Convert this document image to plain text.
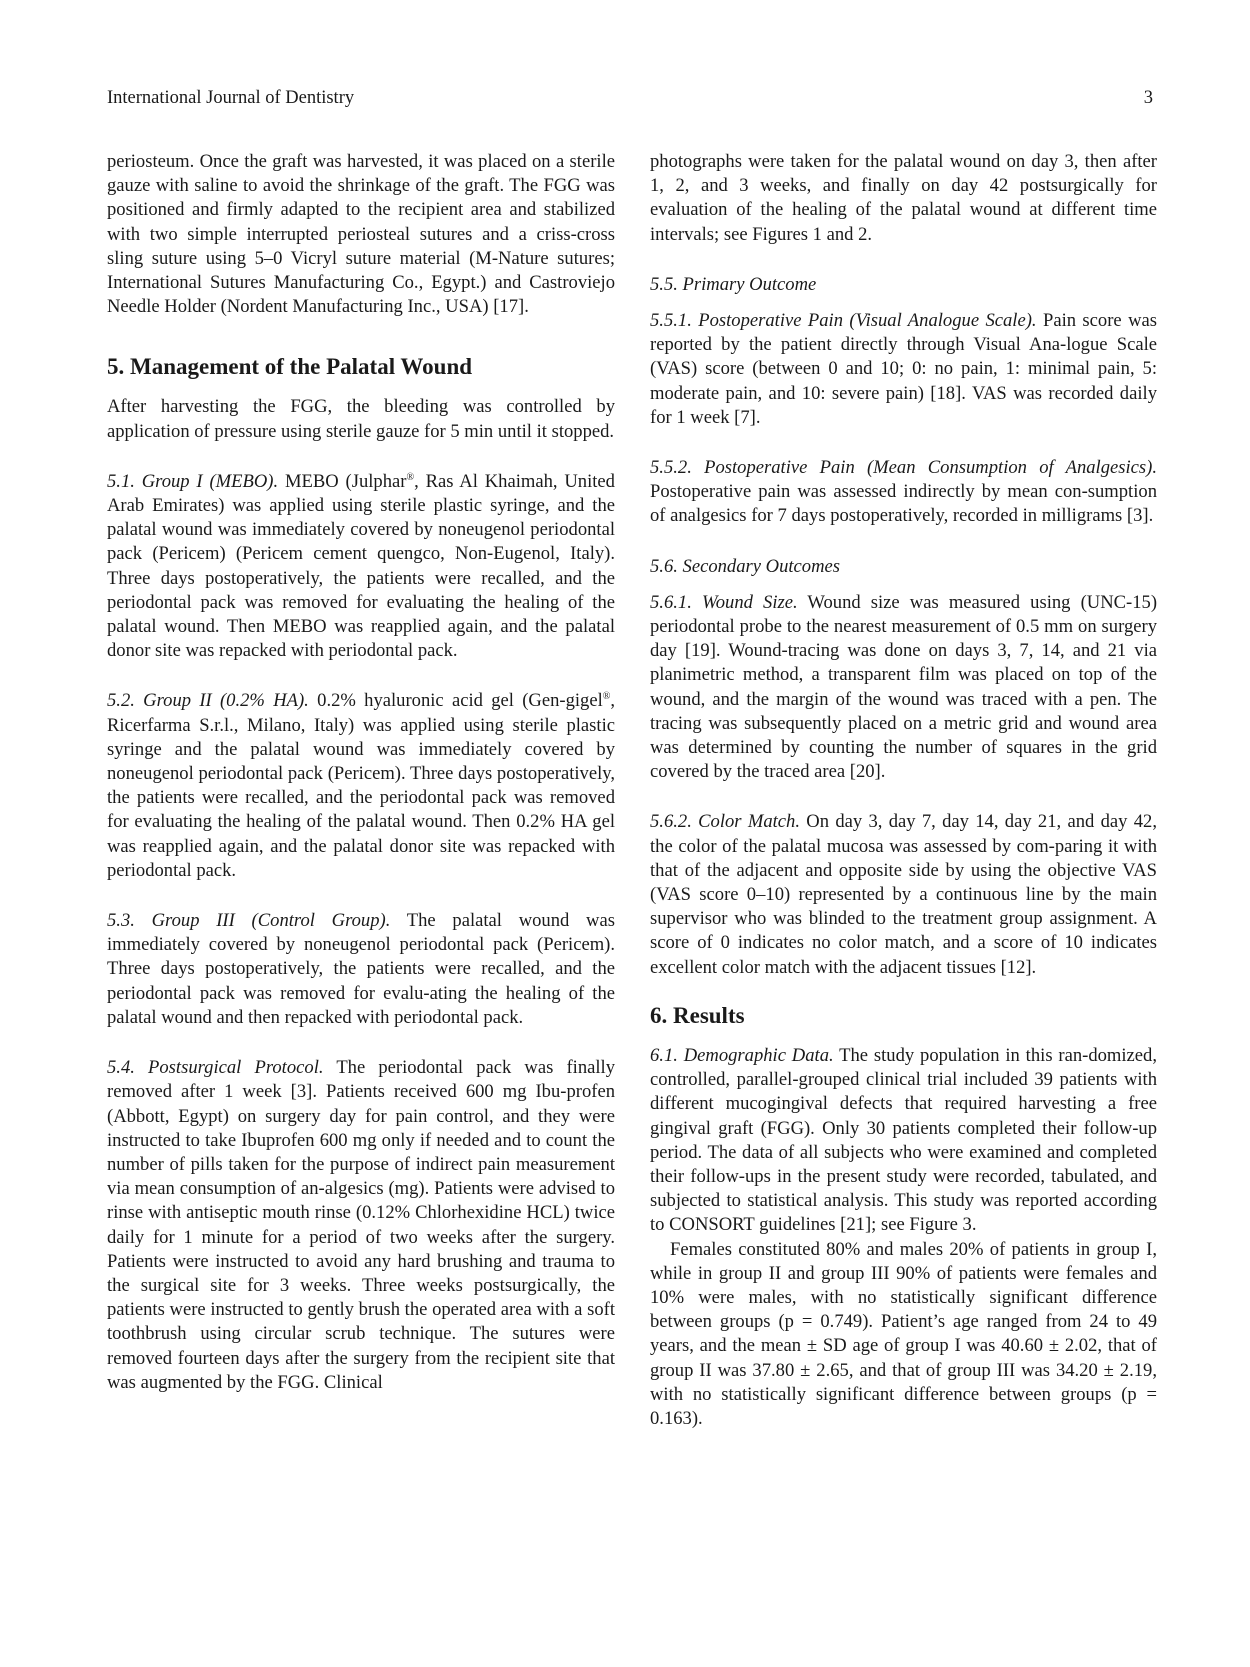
International Journal of Dentistry	3

periosteum. Once the graft was harvested, it was placed on a sterile gauze with saline to avoid the shrinkage of the graft. The FGG was positioned and firmly adapted to the recipient area and stabilized with two simple interrupted periosteal sutures and a criss-cross sling suture using 5–0 Vicryl suture material (M-Nature sutures; International Sutures Manufacturing Co., Egypt.) and Castroviejo Needle Holder (Nordent Manufacturing Inc., USA) [17].

5. Management of the Palatal Wound

After harvesting the FGG, the bleeding was controlled by application of pressure using sterile gauze for 5 min until it stopped.

5.1. Group I (MEBO). MEBO (Julphar®, Ras Al Khaimah, United Arab Emirates) was applied using sterile plastic syringe, and the palatal wound was immediately covered by noneugenol periodontal pack (Pericem) (Pericem cement quengco, Non-Eugenol, Italy). Three days postoperatively, the patients were recalled, and the periodontal pack was removed for evaluating the healing of the palatal wound. Then MEBO was reapplied again, and the palatal donor site was repacked with periodontal pack.

5.2. Group II (0.2% HA). 0.2% hyaluronic acid gel (Gen-gigel®, Ricerfarma S.r.l., Milano, Italy) was applied using sterile plastic syringe and the palatal wound was immediately covered by noneugenol periodontal pack (Pericem). Three days postoperatively, the patients were recalled, and the periodontal pack was removed for evaluating the healing of the palatal wound. Then 0.2% HA gel was reapplied again, and the palatal donor site was repacked with periodontal pack.

5.3. Group III (Control Group). The palatal wound was immediately covered by noneugenol periodontal pack (Pericem). Three days postoperatively, the patients were recalled, and the periodontal pack was removed for evalu-ating the healing of the palatal wound and then repacked with periodontal pack.

5.4. Postsurgical Protocol. The periodontal pack was finally removed after 1 week [3]. Patients received 600 mg Ibu-profen (Abbott, Egypt) on surgery day for pain control, and they were instructed to take Ibuprofen 600 mg only if needed and to count the number of pills taken for the purpose of indirect pain measurement via mean consumption of an-algesics (mg). Patients were advised to rinse with antiseptic mouth rinse (0.12% Chlorhexidine HCL) twice daily for 1 minute for a period of two weeks after the surgery. Patients were instructed to avoid any hard brushing and trauma to the surgical site for 3 weeks. Three weeks postsurgically, the patients were instructed to gently brush the operated area with a soft toothbrush using circular scrub technique. The sutures were removed fourteen days after the surgery from the recipient site that was augmented by the FGG. Clinical

photographs were taken for the palatal wound on day 3, then after 1, 2, and 3 weeks, and finally on day 42 postsurgically for evaluation of the healing of the palatal wound at different time intervals; see Figures 1 and 2.

5.5. Primary Outcome

5.5.1. Postoperative Pain (Visual Analogue Scale). Pain score was reported by the patient directly through Visual Ana-logue Scale (VAS) score (between 0 and 10; 0: no pain, 1: minimal pain, 5: moderate pain, and 10: severe pain) [18]. VAS was recorded daily for 1 week [7].

5.5.2. Postoperative Pain (Mean Consumption of Analgesics). Postoperative pain was assessed indirectly by mean con-sumption of analgesics for 7 days postoperatively, recorded in milligrams [3].

5.6. Secondary Outcomes

5.6.1. Wound Size. Wound size was measured using (UNC-15) periodontal probe to the nearest measurement of 0.5 mm on surgery day [19]. Wound-tracing was done on days 3, 7, 14, and 21 via planimetric method, a transparent film was placed on top of the wound, and the margin of the wound was traced with a pen. The tracing was subsequently placed on a metric grid and wound area was determined by counting the number of squares in the grid covered by the traced area [20].

5.6.2. Color Match. On day 3, day 7, day 14, day 21, and day 42, the color of the palatal mucosa was assessed by com-paring it with that of the adjacent and opposite side by using the objective VAS (VAS score 0–10) represented by a continuous line by the main supervisor who was blinded to the treatment group assignment. A score of 0 indicates no color match, and a score of 10 indicates excellent color match with the adjacent tissues [12].

6. Results

6.1. Demographic Data. The study population in this ran-domized, controlled, parallel-grouped clinical trial included 39 patients with different mucogingival defects that required harvesting a free gingival graft (FGG). Only 30 patients completed their follow-up period. The data of all subjects who were examined and completed their follow-ups in the present study were recorded, tabulated, and subjected to statistical analysis. This study was reported according to CONSORT guidelines [21]; see Figure 3.

Females constituted 80% and males 20% of patients in group I, while in group II and group III 90% of patients were females and 10% were males, with no statistically significant difference between groups (p = 0.749). Patient’s age ranged from 24 to 49 years, and the mean ± SD age of group I was 40.60 ± 2.02, that of group II was 37.80 ± 2.65, and that of group III was 34.20 ± 2.19, with no statistically significant difference between groups (p = 0.163).
